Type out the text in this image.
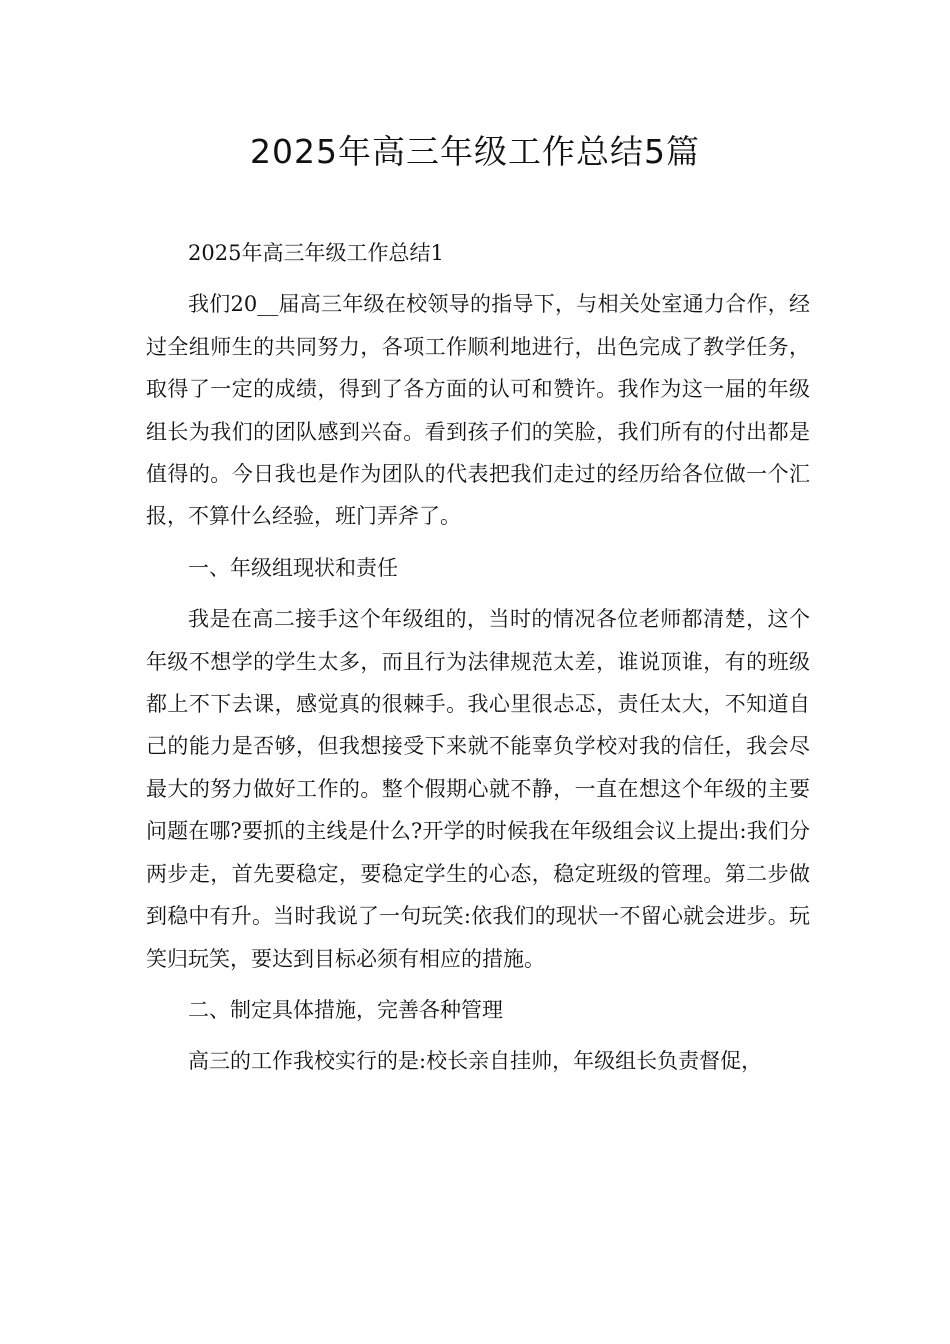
2025年高三年级工作总结5篇

2025年高三年级工作总结1

我们20__届高三年级在校领导的指导下，与相关处室通力合作，经过全组师生的共同努力，各项工作顺利地进行，出色完成了教学任务，取得了一定的成绩，得到了各方面的认可和赞许。我作为这一届的年级组长为我们的团队感到兴奋。看到孩子们的笑脸，我们所有的付出都是值得的。今日我也是作为团队的代表把我们走过的经历给各位做一个汇报，不算什么经验，班门弄斧了。

一、年级组现状和责任

我是在高二接手这个年级组的，当时的情况各位老师都清楚，这个年级不想学的学生太多，而且行为法律规范太差，谁说顶谁，有的班级都上不下去课，感觉真的很棘手。我心里很忐忑，责任太大，不知道自己的能力是否够，但我想接受下来就不能辜负学校对我的信任，我会尽最大的努力做好工作的。整个假期心就不静，一直在想这个年级的主要问题在哪?要抓的主线是什么?开学的时候我在年级组会议上提出:我们分两步走，首先要稳定，要稳定学生的心态，稳定班级的管理。第二步做到稳中有升。当时我说了一句玩笑:依我们的现状一不留心就会进步。玩笑归玩笑，要达到目标必须有相应的措施。

二、制定具体措施，完善各种管理

高三的工作我校实行的是:校长亲自挂帅，年级组长负责督促，
